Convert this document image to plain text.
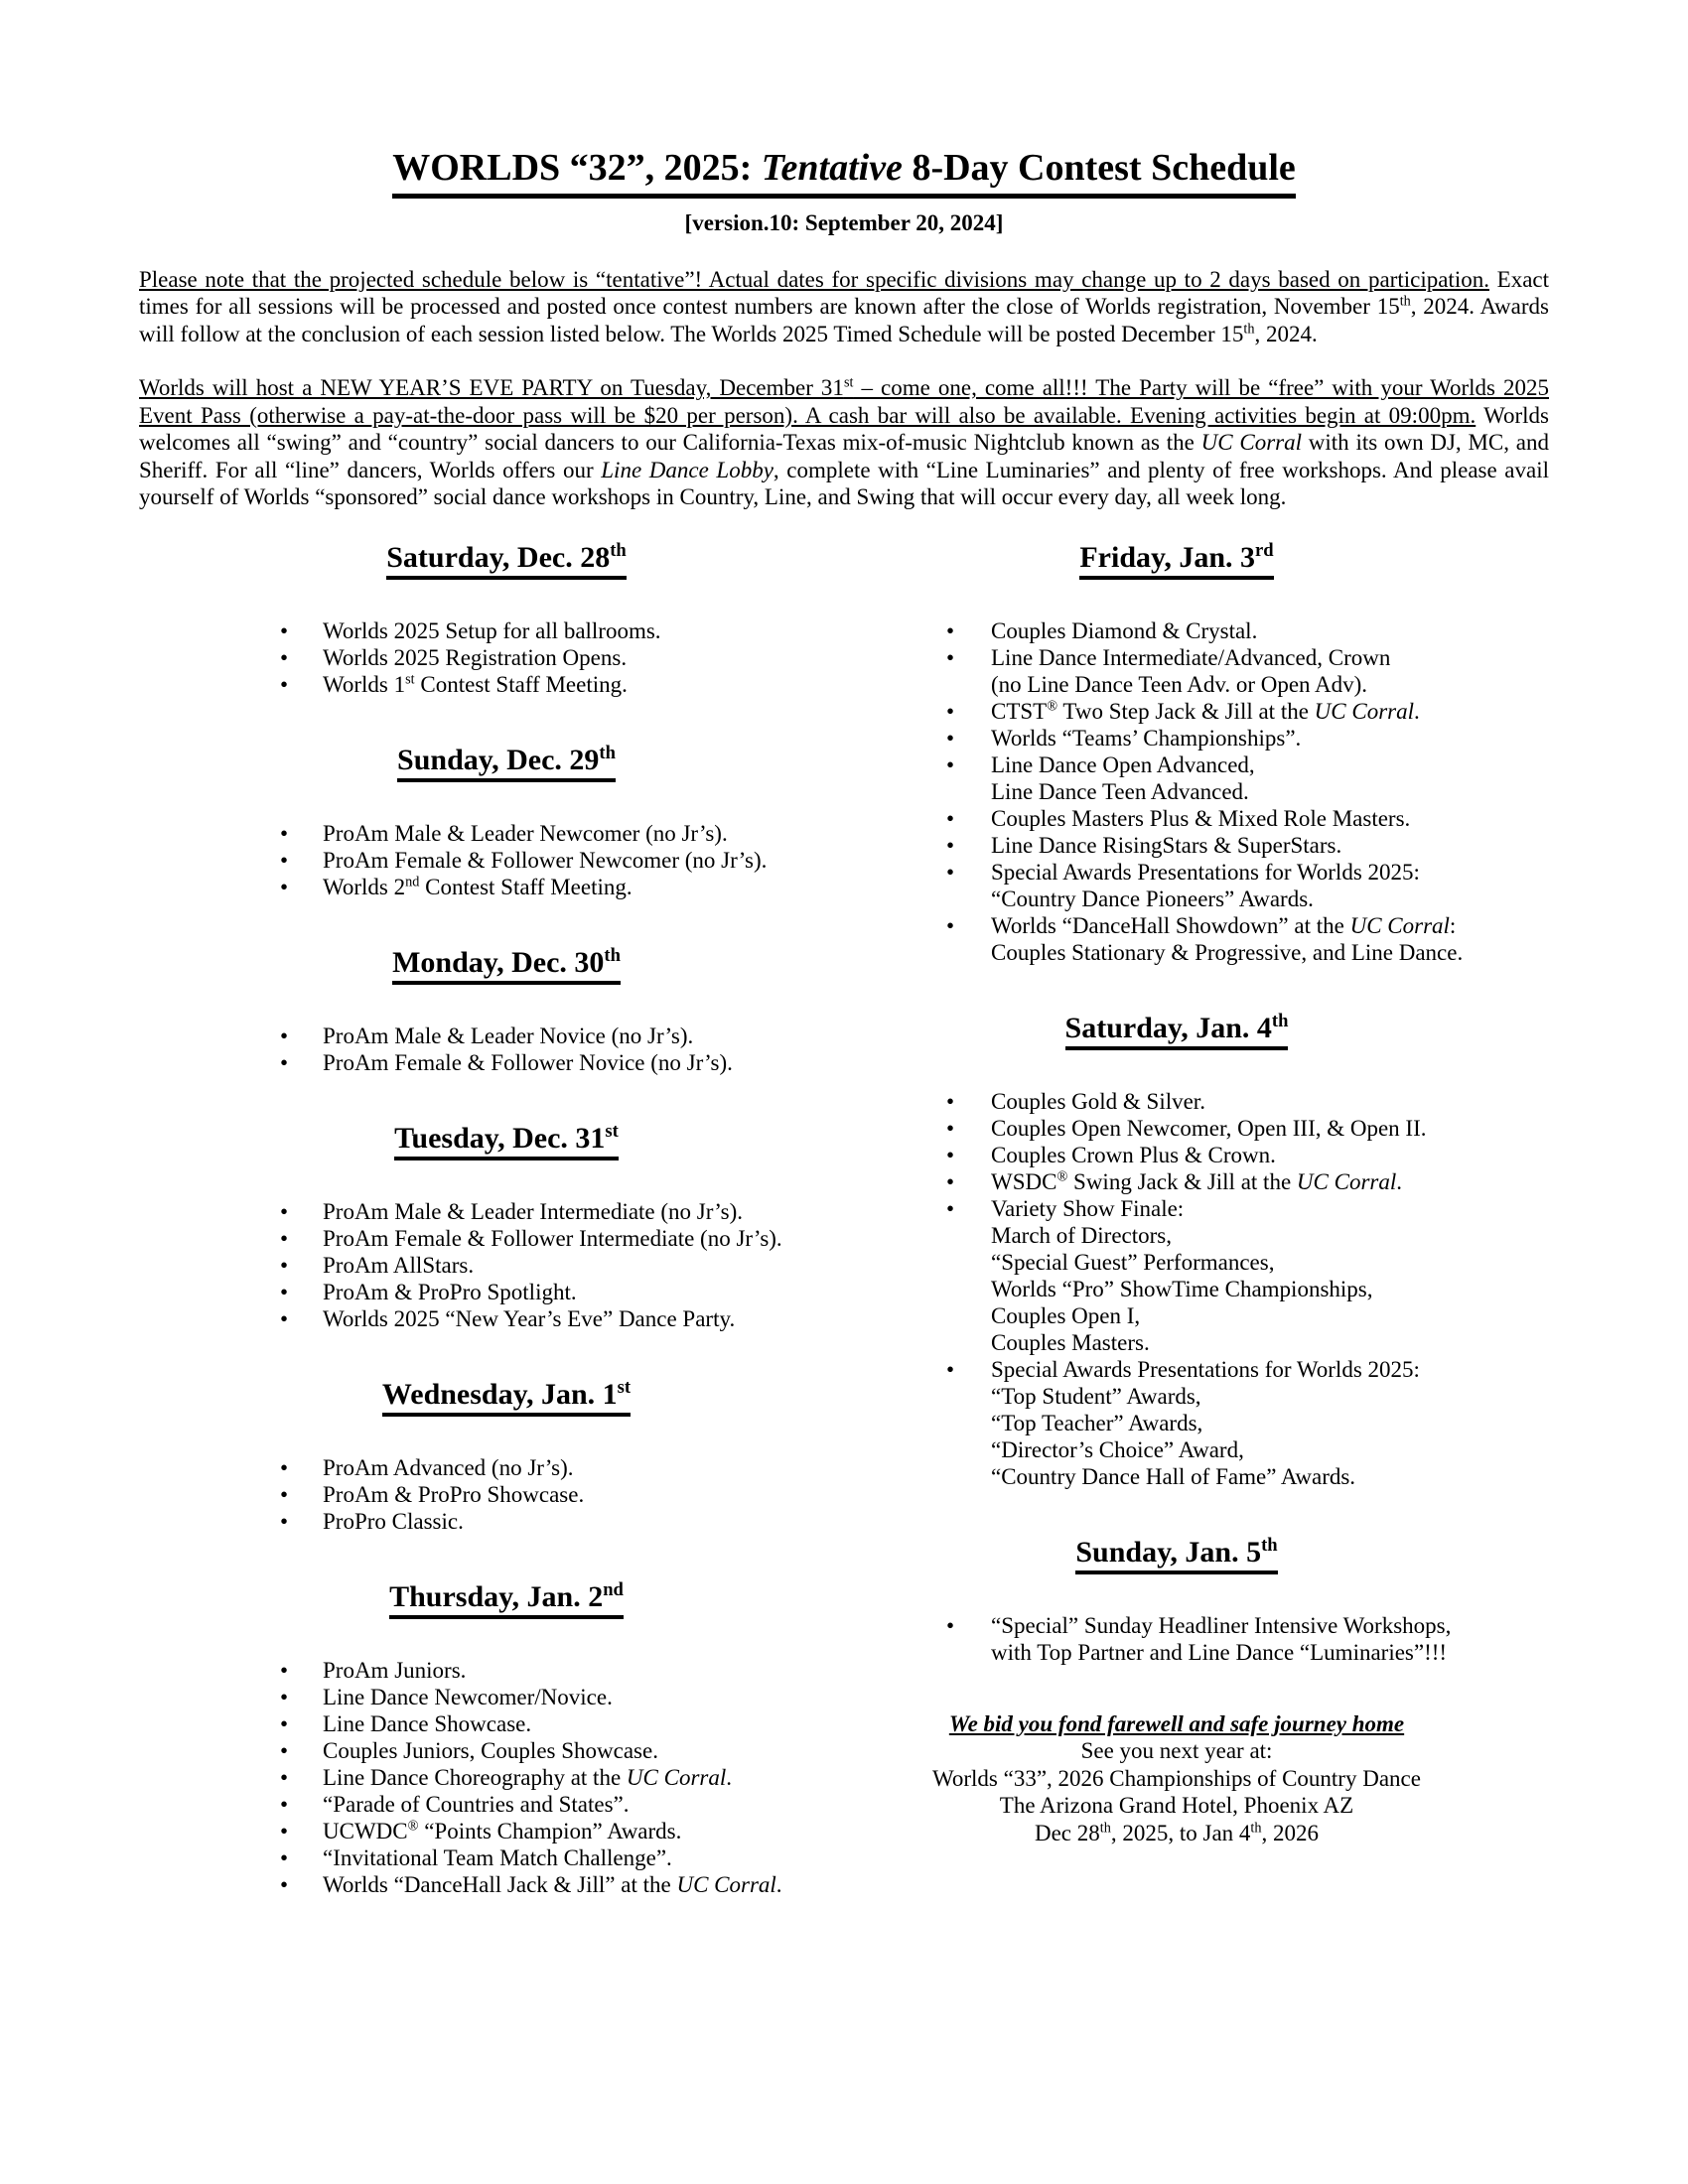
WORLDS “32”, 2025: Tentative 8-Day Contest Schedule
[version.10: September 20, 2024]

Please note that the projected schedule below is “tentative”! Actual dates for specific divisions may change up to 2 days based on participation. Exact times for all sessions will be processed and posted once contest numbers are known after the close of Worlds registration, November 15th, 2024. Awards will follow at the conclusion of each session listed below. The Worlds 2025 Timed Schedule will be posted December 15th, 2024.

Worlds will host a NEW YEAR’S EVE PARTY on Tuesday, December 31st – come one, come all!!! The Party will be “free” with your Worlds 2025 Event Pass (otherwise a pay-at-the-door pass will be $20 per person). A cash bar will also be available. Evening activities begin at 09:00pm. Worlds welcomes all “swing” and “country” social dancers to our California-Texas mix-of-music Nightclub known as the UC Corral with its own DJ, MC, and Sheriff. For all “line” dancers, Worlds offers our Line Dance Lobby, complete with “Line Luminaries” and plenty of free workshops. And please avail yourself of Worlds “sponsored” social dance workshops in Country, Line, and Swing that will occur every day, all week long.

Saturday, Dec. 28th
• Worlds 2025 Setup for all ballrooms.
• Worlds 2025 Registration Opens.
• Worlds 1st Contest Staff Meeting.
Sunday, Dec. 29th
• ProAm Male & Leader Newcomer (no Jr’s).
• ProAm Female & Follower Newcomer (no Jr’s).
• Worlds 2nd Contest Staff Meeting.
Monday, Dec. 30th
• ProAm Male & Leader Novice (no Jr’s).
• ProAm Female & Follower Novice (no Jr’s).
Tuesday, Dec. 31st
• ProAm Male & Leader Intermediate (no Jr’s).
• ProAm Female & Follower Intermediate (no Jr’s).
• ProAm AllStars.
• ProAm & ProPro Spotlight.
• Worlds 2025 “New Year’s Eve” Dance Party.
Wednesday, Jan. 1st
• ProAm Advanced (no Jr’s).
• ProAm & ProPro Showcase.
• ProPro Classic.
Thursday, Jan. 2nd
• ProAm Juniors.
• Line Dance Newcomer/Novice.
• Line Dance Showcase.
• Couples Juniors, Couples Showcase.
• Line Dance Choreography at the UC Corral.
• “Parade of Countries and States”.
• UCWDC® “Points Champion” Awards.
• “Invitational Team Match Challenge”.
• Worlds “DanceHall Jack & Jill” at the UC Corral.
Friday, Jan. 3rd
• Couples Diamond & Crystal.
• Line Dance Intermediate/Advanced, Crown
(no Line Dance Teen Adv. or Open Adv).
• CTST® Two Step Jack & Jill at the UC Corral.
• Worlds “Teams’ Championships”.
• Line Dance Open Advanced,
Line Dance Teen Advanced.
• Couples Masters Plus & Mixed Role Masters.
• Line Dance RisingStars & SuperStars.
• Special Awards Presentations for Worlds 2025:
“Country Dance Pioneers” Awards.
• Worlds “DanceHall Showdown” at the UC Corral:
Couples Stationary & Progressive, and Line Dance.
Saturday, Jan. 4th
• Couples Gold & Silver.
• Couples Open Newcomer, Open III, & Open II.
• Couples Crown Plus & Crown.
• WSDC® Swing Jack & Jill at the UC Corral.
• Variety Show Finale:
March of Directors,
“Special Guest” Performances,
Worlds “Pro” ShowTime Championships,
Couples Open I,
Couples Masters.
• Special Awards Presentations for Worlds 2025:
“Top Student” Awards,
“Top Teacher” Awards,
“Director’s Choice” Award,
“Country Dance Hall of Fame” Awards.
Sunday, Jan. 5th
• “Special” Sunday Headliner Intensive Workshops,
with Top Partner and Line Dance “Luminaries”!!!
We bid you fond farewell and safe journey home
See you next year at:
Worlds “33”, 2026 Championships of Country Dance
The Arizona Grand Hotel, Phoenix AZ
Dec 28th, 2025, to Jan 4th, 2026
